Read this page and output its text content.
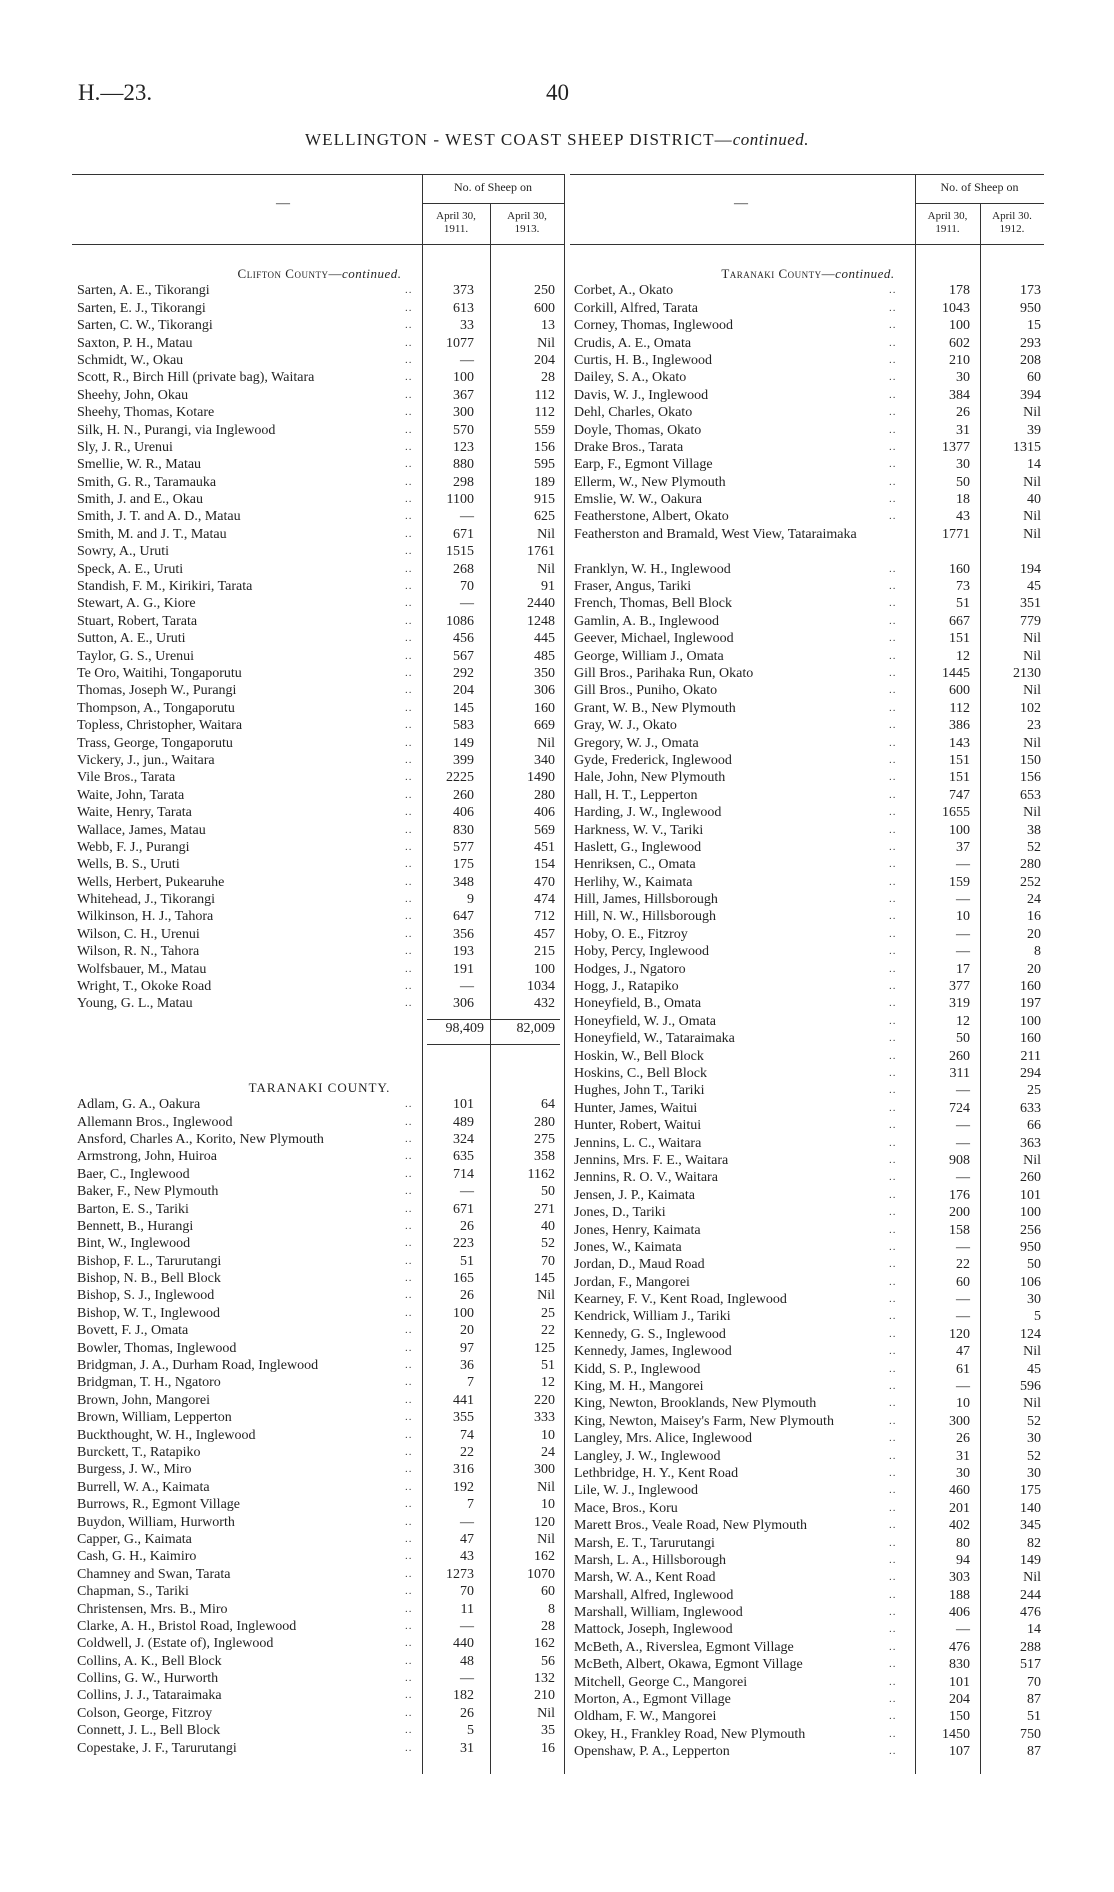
H.—23.	40
WELLINGTON - WEST COAST SHEEP DISTRICT—continued.
—
No. of Sheep on
April 30,
1911.
April 30,
1913.
—
No. of Sheep on
April 30,
1911.
April 30.
1912.
Clifton County—continued.
Sarten, A. E., Tikorangi	..	373	250
Sarten, E. J., Tikorangi	..	613	600
Sarten, C. W., Tikorangi	..	33	13
Saxton, P. H., Matau	..	1077	Nil
Schmidt, W., Okau	..	—	204
Scott, R., Birch Hill (private bag), Waitara	..	100	28
Sheehy, John, Okau	..	367	112
Sheehy, Thomas, Kotare	..	300	112
Silk, H. N., Purangi, via Inglewood	..	570	559
Sly, J. R., Urenui	..	123	156
Smellie, W. R., Matau	..	880	595
Smith, G. R., Taramauka	..	298	189
Smith, J. and E., Okau	..	1100	915
Smith, J. T. and A. D., Matau	..	—	625
Smith, M. and J. T., Matau	..	671	Nil
Sowry, A., Uruti	..	1515	1761
Speck, A. E., Uruti	..	268	Nil
Standish, F. M., Kirikiri, Tarata	..	70	91
Stewart, A. G., Kiore	..	—	2440
Stuart, Robert, Tarata	..	1086	1248
Sutton, A. E., Uruti	..	456	445
Taylor, G. S., Urenui	..	567	485
Te Oro, Waitihi, Tongaporutu	..	292	350
Thomas, Joseph W., Purangi	..	204	306
Thompson, A., Tongaporutu	..	145	160
Topless, Christopher, Waitara	..	583	669
Trass, George, Tongaporutu	..	149	Nil
Vickery, J., jun., Waitara	..	399	340
Vile Bros., Tarata	..	2225	1490
Waite, John, Tarata	..	260	280
Waite, Henry, Tarata	..	406	406
Wallace, James, Matau	..	830	569
Webb, F. J., Purangi	..	577	451
Wells, B. S., Uruti	..	175	154
Wells, Herbert, Pukearuhe	..	348	470
Whitehead, J., Tikorangi	..	9	474
Wilkinson, H. J., Tahora	..	647	712
Wilson, C. H., Urenui	..	356	457
Wilson, R. N., Tahora	..	193	215
Wolfsbauer, M., Matau	..	191	100
Wright, T., Okoke Road	..	—	1034
Young, G. L., Matau	..	306	432
98,409	82,009
TARANAKI COUNTY.
Adlam, G. A., Oakura	..	101	64
Allemann Bros., Inglewood	..	489	280
Ansford, Charles A., Korito, New Plymouth	..	324	275
Armstrong, John, Huiroa	..	635	358
Baer, C., Inglewood	..	714	1162
Baker, F., New Plymouth	..	—	50
Barton, E. S., Tariki	..	671	271
Bennett, B., Hurangi	..	26	40
Bint, W., Inglewood	..	223	52
Bishop, F. L., Tarurutangi	..	51	70
Bishop, N. B., Bell Block	..	165	145
Bishop, S. J., Inglewood	..	26	Nil
Bishop, W. T., Inglewood	..	100	25
Bovett, F. J., Omata	..	20	22
Bowler, Thomas, Inglewood	..	97	125
Bridgman, J. A., Durham Road, Inglewood	..	36	51
Bridgman, T. H., Ngatoro	..	7	12
Brown, John, Mangorei	..	441	220
Brown, William, Lepperton	..	355	333
Buckthought, W. H., Inglewood	..	74	10
Burckett, T., Ratapiko	..	22	24
Burgess, J. W., Miro	..	316	300
Burrell, W. A., Kaimata	..	192	Nil
Burrows, R., Egmont Village	..	7	10
Buydon, William, Hurworth	..	—	120
Capper, G., Kaimata	..	47	Nil
Cash, G. H., Kaimiro	..	43	162
Chamney and Swan, Tarata	..	1273	1070
Chapman, S., Tariki	..	70	60
Christensen, Mrs. B., Miro	..	11	8
Clarke, A. H., Bristol Road, Inglewood	..	—	28
Coldwell, J. (Estate of), Inglewood	..	440	162
Collins, A. K., Bell Block	..	48	56
Collins, G. W., Hurworth	..	—	132
Collins, J. J., Tataraimaka	..	182	210
Colson, George, Fitzroy	..	26	Nil
Connett, J. L., Bell Block	..	5	35
Copestake, J. F., Tarurutangi	..	31	16
Taranaki County—continued.
Corbet, A., Okato	..	178	173
Corkill, Alfred, Tarata	..	1043	950
Corney, Thomas, Inglewood	..	100	15
Crudis, A. E., Omata	..	602	293
Curtis, H. B., Inglewood	..	210	208
Dailey, S. A., Okato	..	30	60
Davis, W. J., Inglewood	..	384	394
Dehl, Charles, Okato	..	26	Nil
Doyle, Thomas, Okato	..	31	39
Drake Bros., Tarata	..	1377	1315
Earp, F., Egmont Village	..	30	14
Ellerm, W., New Plymouth	..	50	Nil
Emslie, W. W., Oakura	..	18	40
Featherstone, Albert, Okato	..	43	Nil
Featherston and Bramald, West View, Tataraimaka	1771	Nil
Franklyn, W. H., Inglewood	..	160	194
Fraser, Angus, Tariki	..	73	45
French, Thomas, Bell Block	..	51	351
Gamlin, A. B., Inglewood	..	667	779
Geever, Michael, Inglewood	..	151	Nil
George, William J., Omata	..	12	Nil
Gill Bros., Parihaka Run, Okato	..	1445	2130
Gill Bros., Puniho, Okato	..	600	Nil
Grant, W. B., New Plymouth	..	112	102
Gray, W. J., Okato	..	386	23
Gregory, W. J., Omata	..	143	Nil
Gyde, Frederick, Inglewood	..	151	150
Hale, John, New Plymouth	..	151	156
Hall, H. T., Lepperton	..	747	653
Harding, J. W., Inglewood	..	1655	Nil
Harkness, W. V., Tariki	..	100	38
Haslett, G., Inglewood	..	37	52
Henriksen, C., Omata	..	—	280
Herlihy, W., Kaimata	..	159	252
Hill, James, Hillsborough	..	—	24
Hill, N. W., Hillsborough	..	10	16
Hoby, O. E., Fitzroy	..	—	20
Hoby, Percy, Inglewood	..	—	8
Hodges, J., Ngatoro	..	17	20
Hogg, J., Ratapiko	..	377	160
Honeyfield, B., Omata	..	319	197
Honeyfield, W. J., Omata	..	12	100
Honeyfield, W., Tataraimaka	..	50	160
Hoskin, W., Bell Block	..	260	211
Hoskins, C., Bell Block	..	311	294
Hughes, John T., Tariki	..	—	25
Hunter, James, Waitui	..	724	633
Hunter, Robert, Waitui	..	—	66
Jennins, L. C., Waitara	..	—	363
Jennins, Mrs. F. E., Waitara	..	908	Nil
Jennins, R. O. V., Waitara	..	—	260
Jensen, J. P., Kaimata	..	176	101
Jones, D., Tariki	..	200	100
Jones, Henry, Kaimata	..	158	256
Jones, W., Kaimata	..	—	950
Jordan, D., Maud Road	..	22	50
Jordan, F., Mangorei	..	60	106
Kearney, F. V., Kent Road, Inglewood	..	—	30
Kendrick, William J., Tariki	..	—	5
Kennedy, G. S., Inglewood	..	120	124
Kennedy, James, Inglewood	..	47	Nil
Kidd, S. P., Inglewood	..	61	45
King, M. H., Mangorei	..	—	596
King, Newton, Brooklands, New Plymouth	..	10	Nil
King, Newton, Maisey's Farm, New Plymouth	..	300	52
Langley, Mrs. Alice, Inglewood	..	26	30
Langley, J. W., Inglewood	..	31	52
Lethbridge, H. Y., Kent Road	..	30	30
Lile, W. J., Inglewood	..	460	175
Mace, Bros., Koru	..	201	140
Marett Bros., Veale Road, New Plymouth	..	402	345
Marsh, E. T., Tarurutangi	..	80	82
Marsh, L. A., Hillsborough	..	94	149
Marsh, W. A., Kent Road	..	303	Nil
Marshall, Alfred, Inglewood	..	188	244
Marshall, William, Inglewood	..	406	476
Mattock, Joseph, Inglewood	..	—	14
McBeth, A., Riverslea, Egmont Village	..	476	288
McBeth, Albert, Okawa, Egmont Village	..	830	517
Mitchell, George C., Mangorei	..	101	70
Morton, A., Egmont Village	..	204	87
Oldham, F. W., Mangorei	..	150	51
Okey, H., Frankley Road, New Plymouth	..	1450	750
Openshaw, P. A., Lepperton	..	107	87
